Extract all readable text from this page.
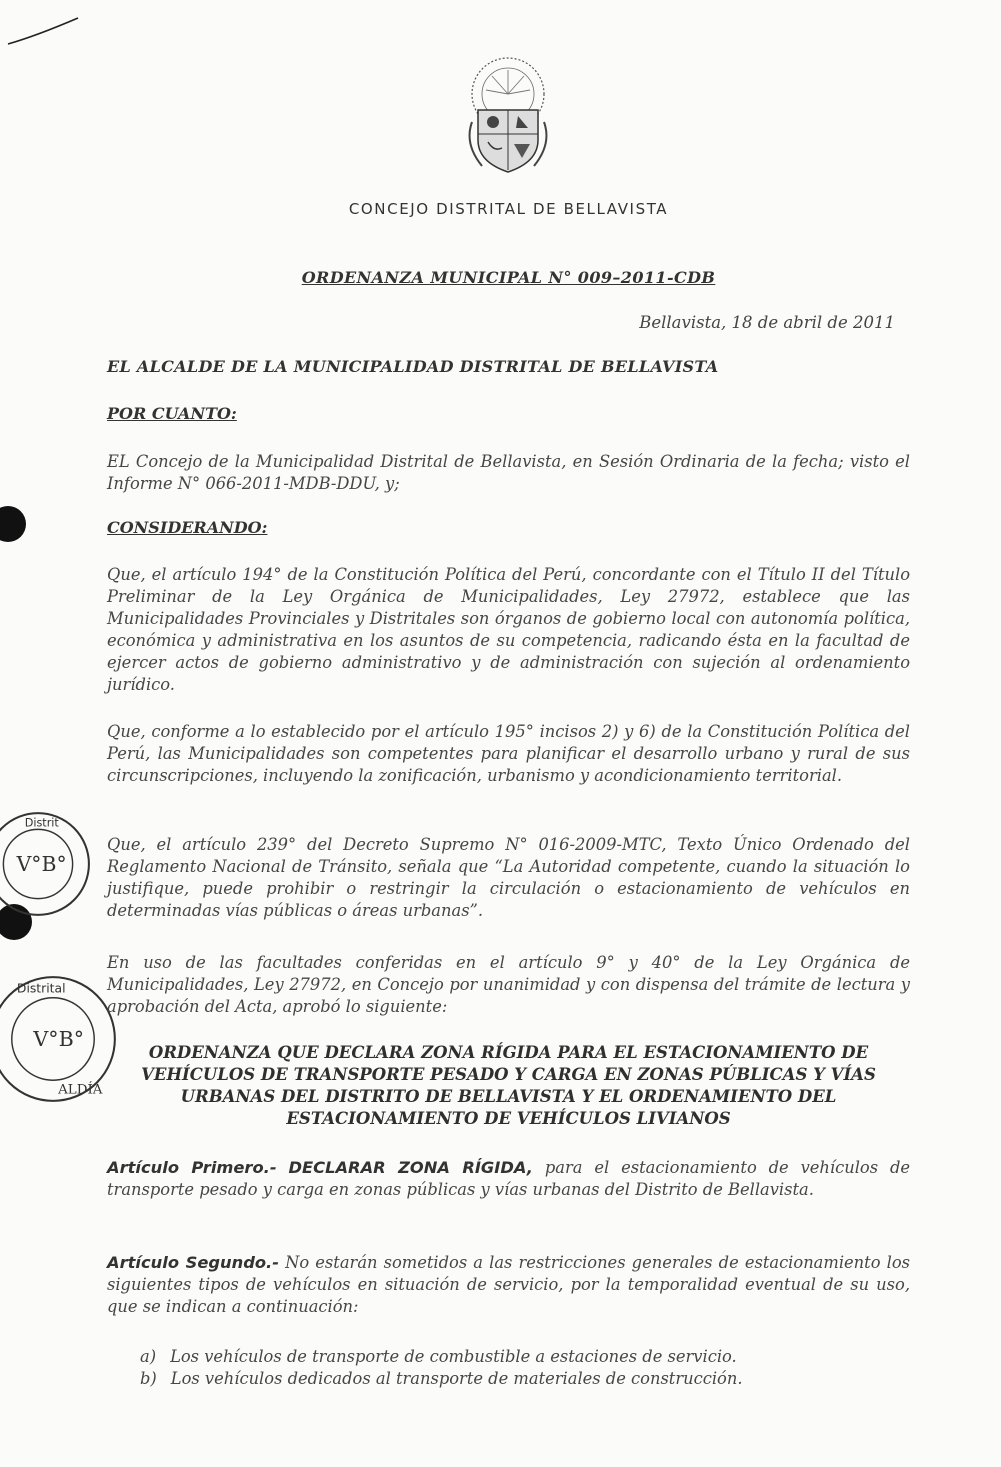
V°B°
Distrit
V°B°
Distrital
ALDÍA
CONCEJO DISTRITAL DE BELLAVISTA
ORDENANZA MUNICIPAL N° 009–2011-CDB
Bellavista, 18 de abril de 2011
EL ALCALDE DE LA MUNICIPALIDAD DISTRITAL DE BELLAVISTA
POR CUANTO:

EL Concejo de la Municipalidad Distrital de Bellavista, en Sesión Ordinaria de la fecha; visto el Informe N° 066-2011-MDB-DDU, y;

CONSIDERANDO:

Que, el artículo 194° de la Constitución Política del Perú, concordante con el Título II del Título Preliminar de la Ley Orgánica de Municipalidades, Ley 27972, establece que las Municipalidades Provinciales y Distritales son órganos de gobierno local con autonomía política, económica y administrativa en los asuntos de su competencia, radicando ésta en la facultad de ejercer actos de gobierno administrativo y de administración con sujeción al ordenamiento jurídico.

Que, conforme a lo establecido por el artículo 195° incisos 2) y 6) de la Constitución Política del Perú, las Municipalidades son competentes para planificar el desarrollo urbano y rural de sus circunscripciones, incluyendo la zonificación, urbanismo y acondicionamiento territorial.

Que, el artículo 239° del Decreto Supremo N° 016-2009-MTC, Texto Único Ordenado del Reglamento Nacional de Tránsito, señala que “La Autoridad competente, cuando la situación lo justifique, puede prohibir o restringir la circulación o estacionamiento de vehículos en determinadas vías públicas o áreas urbanas”.

En uso de las facultades conferidas en el artículo 9° y 40° de la Ley Orgánica de Municipalidades, Ley 27972, en Concejo por unanimidad y con dispensa del trámite de lectura y aprobación del Acta, aprobó lo siguiente:

ORDENANZA QUE DECLARA ZONA RÍGIDA PARA EL ESTACIONAMIENTO DE VEHÍCULOS DE TRANSPORTE PESADO Y CARGA EN ZONAS PÚBLICAS Y VÍAS URBANAS DEL DISTRITO DE BELLAVISTA Y EL ORDENAMIENTO DEL ESTACIONAMIENTO DE VEHÍCULOS LIVIANOS

Artículo Primero.- DECLARAR ZONA RÍGIDA, para el estacionamiento de vehículos de transporte pesado y carga en zonas públicas y vías urbanas del Distrito de Bellavista.

Artículo Segundo.- No estarán sometidos a las restricciones generales de estacionamiento los siguientes tipos de vehículos en situación de servicio, por la temporalidad eventual de su uso, que se indican a continuación:

a) Los vehículos de transporte de combustible a estaciones de servicio.
b) Los vehículos dedicados al transporte de materiales de construcción.
